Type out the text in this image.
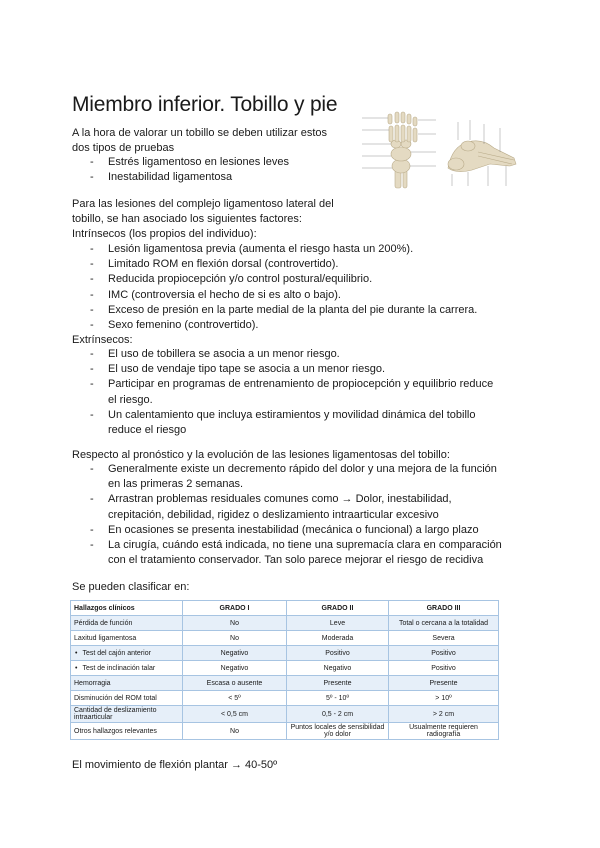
Miembro inferior. Tobillo y pie

A la hora de valorar un tobillo se deben utilizar estos

dos tipos de pruebas

- Estrés ligamentoso en lesiones leves
- Inestabilidad ligamentosa

Para las lesiones del complejo ligamentoso lateral del

tobillo, se han asociado los siguientes factores:

Intrínsecos (los propios del individuo):

- Lesión ligamentosa previa (aumenta el riesgo hasta un 200%).
- Limitado ROM en flexión dorsal (controvertido).
- Reducida propiocepción y/o control postural/equilibrio.
- IMC (controversia el hecho de si es alto o bajo).
- Exceso de presión en la parte medial de la planta del pie durante la carrera.
- Sexo femenino (controvertido).

Extrínsecos:

- El uso de tobillera se asocia a un menor riesgo.
- El uso de vendaje tipo tape se asocia a un menor riesgo.
- Participar en programas de entrenamiento de propiocepción y equilibrio reduce el riesgo.
- Un calentamiento que incluya estiramientos y movilidad dinámica del tobillo reduce el riesgo

Respecto al pronóstico y la evolución de las lesiones ligamentosas del tobillo:

- Generalmente existe un decremento rápido del dolor y una mejora de la función en las primeras 2 semanas.
- Arrastran problemas residuales comunes como → Dolor, inestabilidad, crepitación, debilidad, rigidez o deslizamiento intraarticular excesivo
- En ocasiones se presenta inestabilidad (mecánica o funcional) a largo plazo
- La cirugía, cuándo está indicada, no tiene una supremacía clara en comparación con el tratamiento conservador. Tan solo parece mejorar el riesgo de recidiva

Se pueden clasificar en:

Hallazgos clínicos	GRADO I	GRADO II	GRADO III
Pérdida de función	No	Leve	Total o cercana a la totalidad
Laxitud ligamentosa	No	Moderada	Severa
• Test del cajón anterior	Negativo	Positivo	Positivo
• Test de inclinación talar	Negativo	Negativo	Positivo
Hemorragia	Escasa o ausente	Presente	Presente
Disminución del ROM total	< 5º	5º - 10º	> 10º
Cantidad de deslizamiento intraarticular	< 0,5 cm	0,5 - 2 cm	> 2 cm
Otros hallazgos relevantes	No	Puntos locales de sensibilidad y/o dolor	Usualmente requieren radiografía

El movimiento de flexión plantar → 40-50º
